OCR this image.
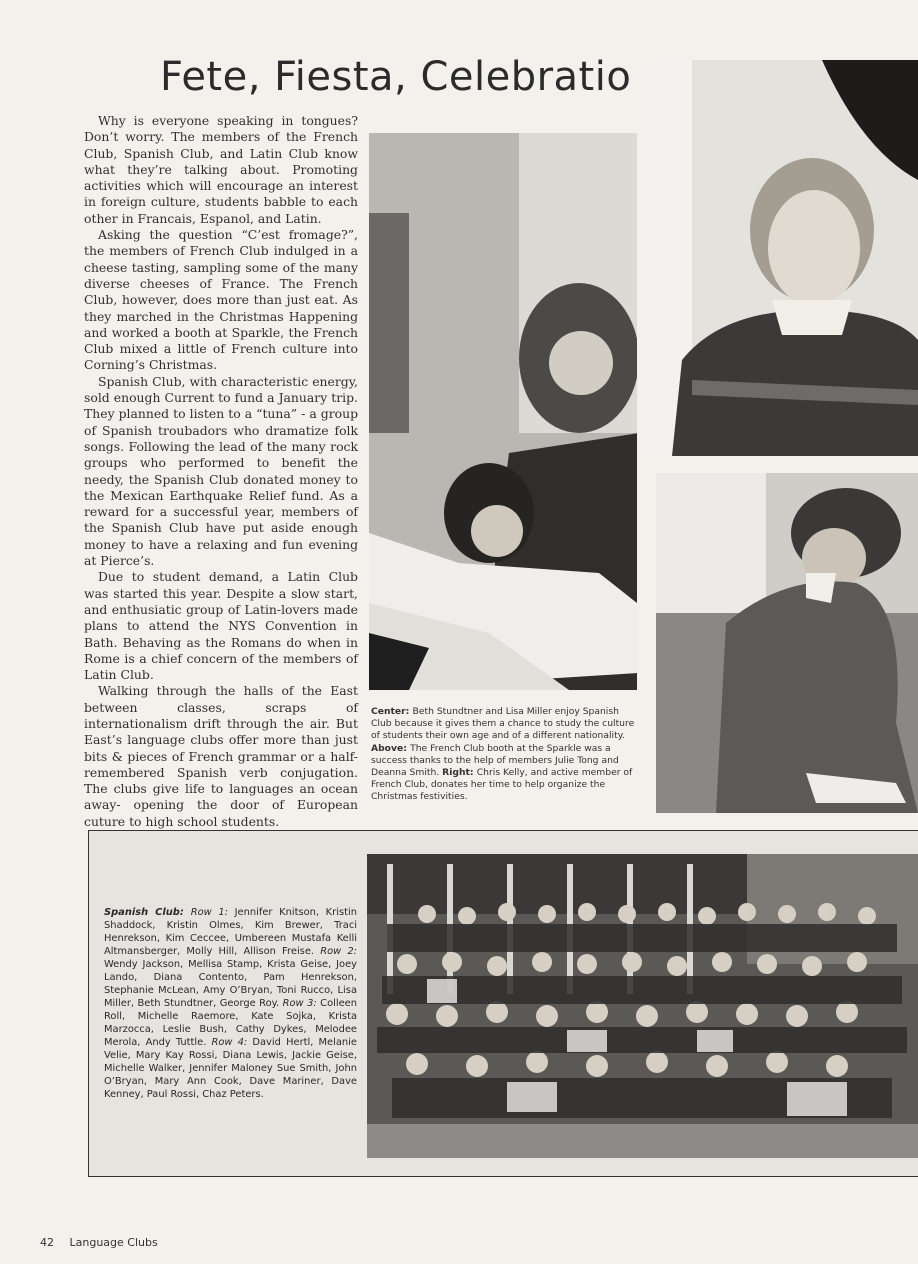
Fete, Fiesta, Celebratio

Why is everyone speaking in tongues? Don’t worry. The members of the French Club, Spanish Club, and Latin Club know what they’re talking about. Promoting activities which will encourage an interest in foreign culture, students babble to each other in Francais, Espanol, and Latin.

Asking the question “C’est fromage?”, the members of French Club indulged in a cheese tasting, sampling some of the many diverse cheeses of France. The French Club, however, does more than just eat. As they marched in the Christmas Happening and worked a booth at Sparkle, the French Club mixed a little of French culture into Corning’s Christmas.

Spanish Club, with characteristic energy, sold enough Current to fund a January trip. They planned to listen to a “tuna” - a group of Spanish troubadors who dramatize folk songs. Following the lead of the many rock groups who performed to benefit the needy, the Spanish Club donated money to the Mexican Earthquake Relief fund. As a reward for a successful year, members of the Spanish Club have put aside enough money to have a relaxing and fun evening at Pierce’s.

Due to student demand, a Latin Club was started this year. Despite a slow start, and enthusiatic group of Latin-lovers made plans to attend the NYS Convention in Bath. Behaving as the Romans do when in Rome is a chief concern of the members of Latin Club.

Walking through the halls of the East between classes, scraps of internationalism drift through the air. But East’s language clubs offer more than just bits & pieces of French grammar or a half-remembered Spanish verb conjugation. The clubs give life to languages an ocean away- opening the door of European cuture to high school students.

Center: Beth Stundtner and Lisa Miller enjoy Spanish Club because it gives them a chance to study the culture of students their own age and of a different nationality. Above: The French Club booth at the Sparkle was a success thanks to the help of members Julie Tong and Deanna Smith. Right: Chris Kelly, and active member of French Club, donates her time to help organize the Christmas festivities.
Spanish Club: Row 1: Jennifer Knitson, Kristin Shaddock, Kristin Olmes, Kim Brewer, Traci Henrekson, Kim Ceccee, Umbereen Mustafa Kelli Altmansberger, Molly Hill, Allison Freise. Row 2: Wendy Jackson, Mellisa Stamp, Krista Geise, Joey Lando, Diana Contento, Pam Henrekson, Stephanie McLean, Amy O’Bryan, Toni Rucco, Lisa Miller, Beth Stundtner, George Roy. Row 3: Colleen Roll, Michelle Raemore, Kate Sojka, Krista Marzocca, Leslie Bush, Cathy Dykes, Melodee Merola, Andy Tuttle. Row 4: David Hertl, Melanie Velie, Mary Kay Rossi, Diana Lewis, Jackie Geise, Michelle Walker, Jennifer Maloney Sue Smith, John O’Bryan, Mary Ann Cook, Dave Mariner, Dave Kenney, Paul Rossi, Chaz Peters.
42 Language Clubs
